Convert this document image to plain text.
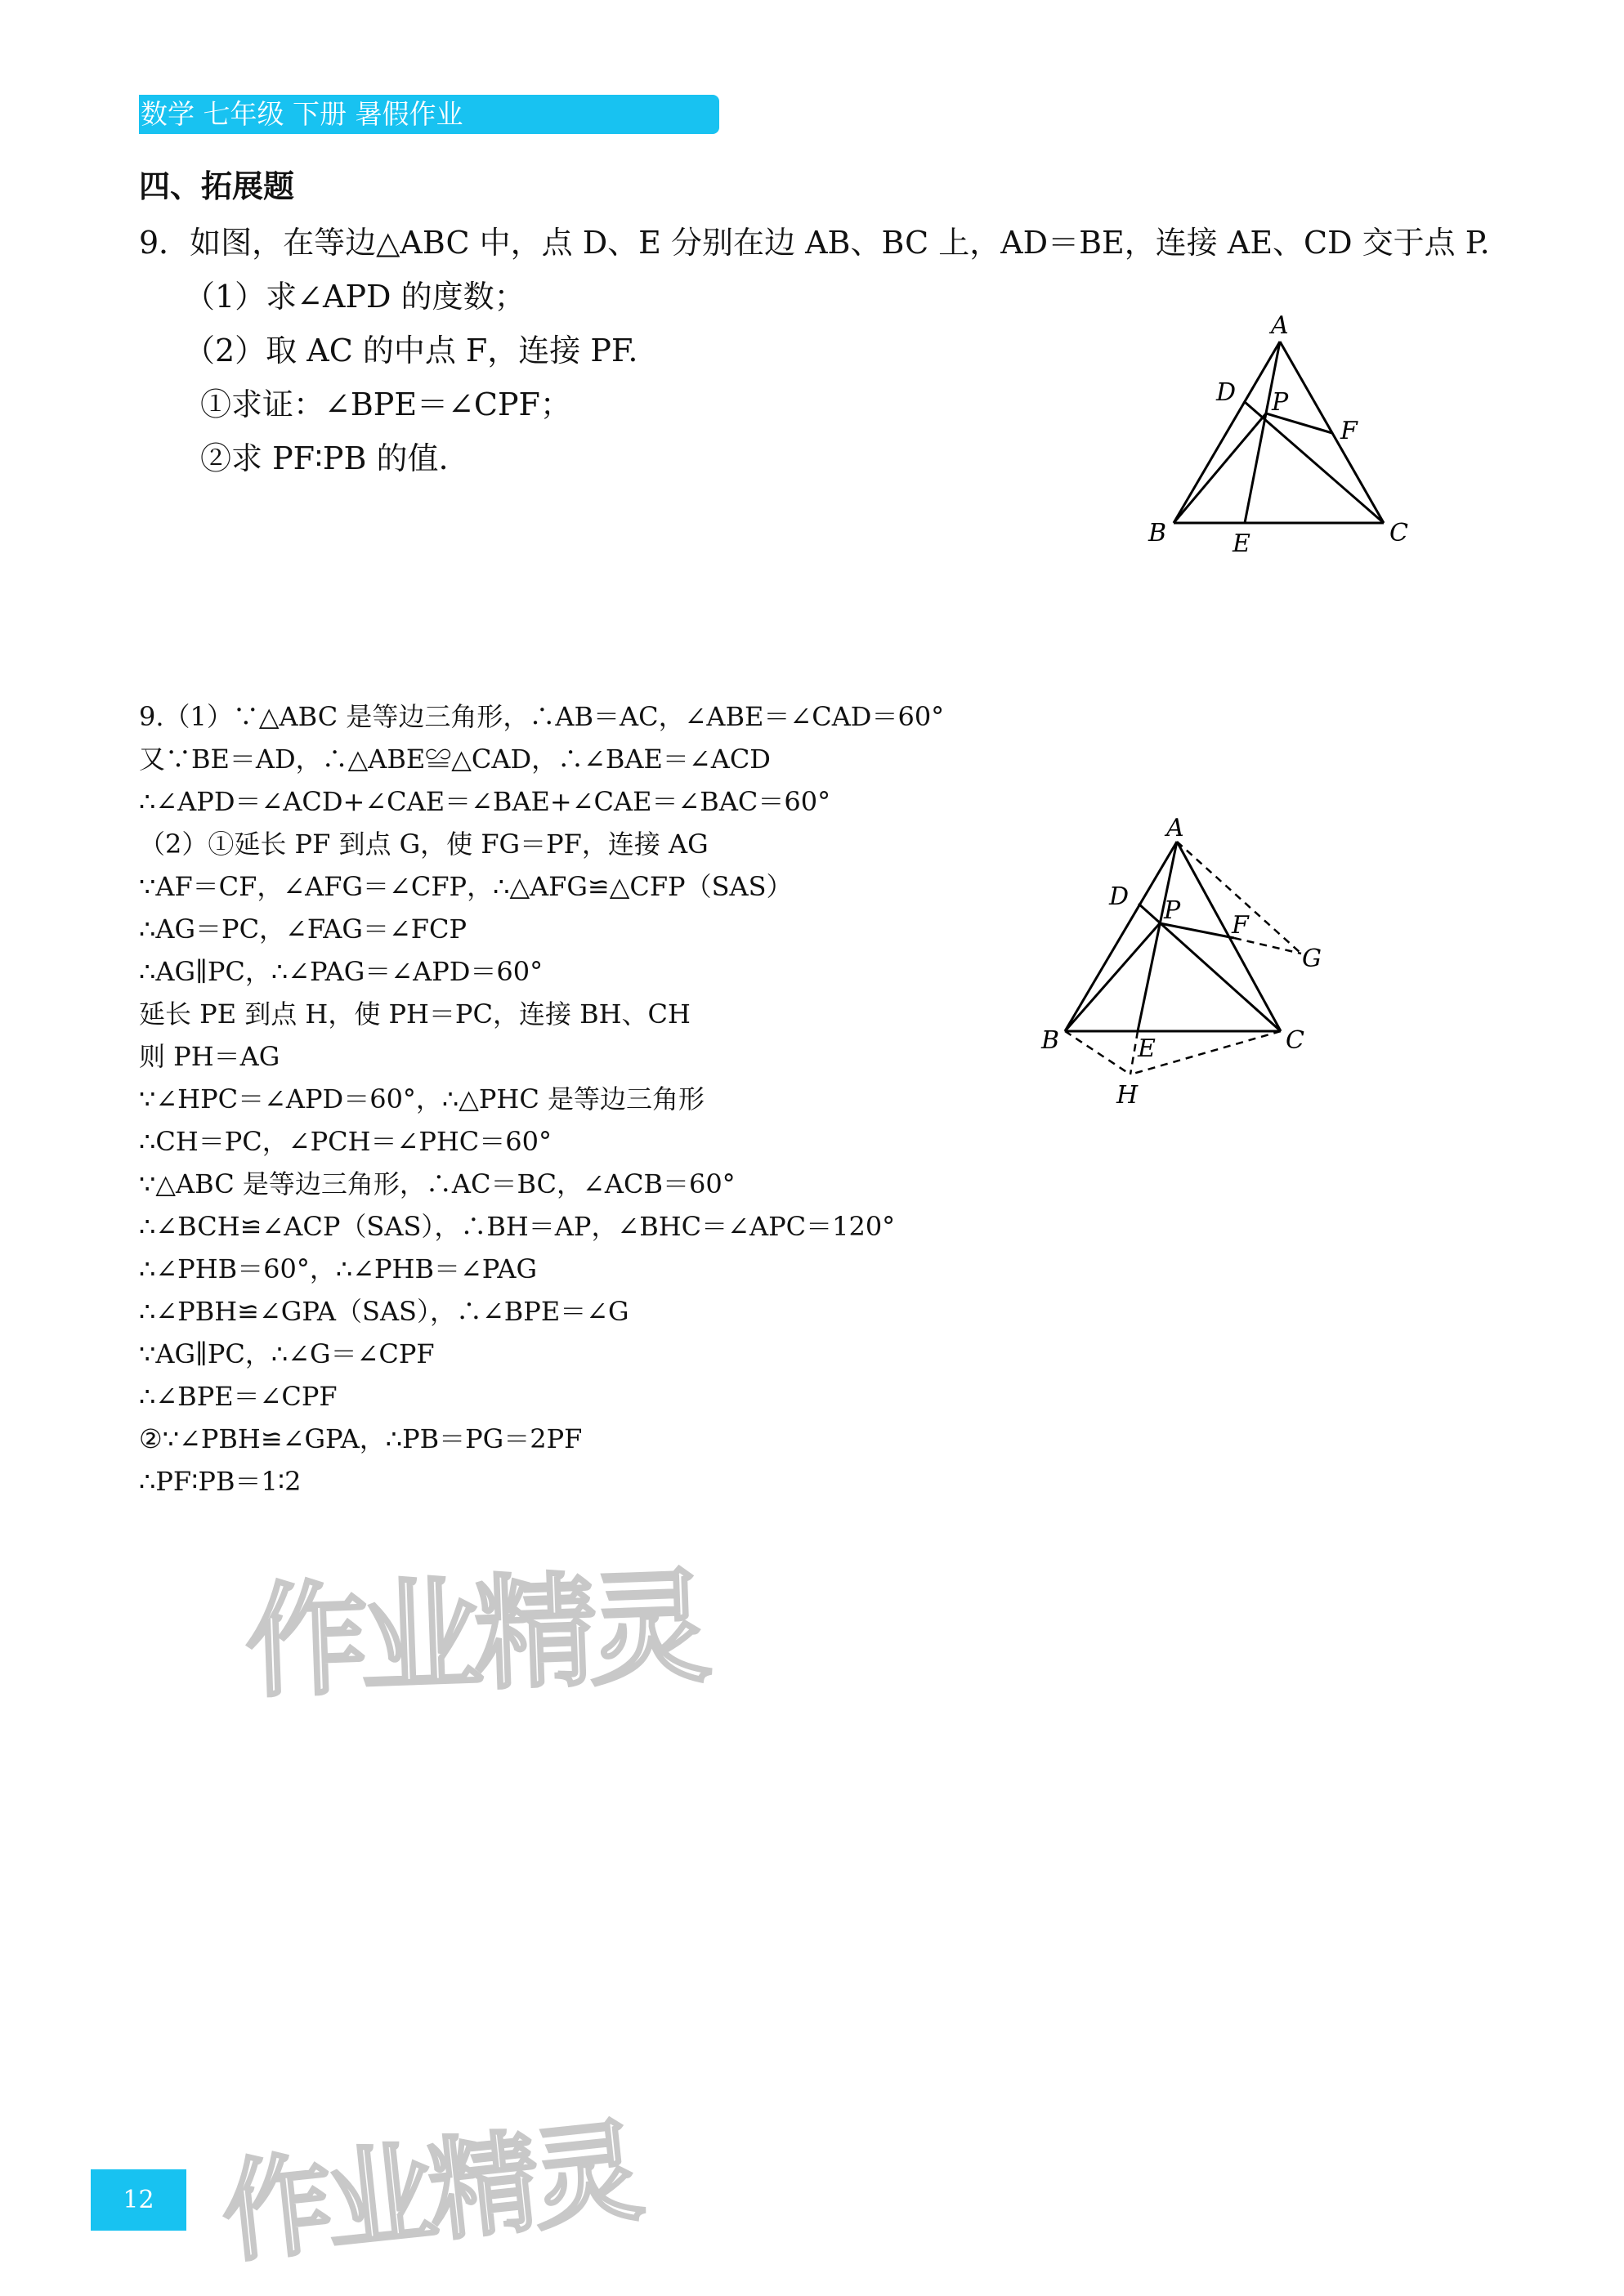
数学 七年级 下册 暑假作业
四、拓展题
9．如图，在等边△ABC 中，点 D、E 分别在边 AB、BC 上，AD＝BE，连接 AE、CD 交于点 P.
（1）求∠APD 的度数；
（2）取 AC 的中点 F，连接 PF.
①求证：∠BPE＝∠CPF；
②求 PF∶PB 的值.
A
D P
F
B	E	C
9.（1）∵△ABC 是等边三角形，∴AB＝AC，∠ABE＝∠CAD＝60°
又∵BE＝AD，∴△ABE≌△CAD，∴∠BAE＝∠ACD
∴∠APD＝∠ACD+∠CAE＝∠BAE+∠CAE＝∠BAC＝60°
（2）①延长 PF 到点 G，使 FG＝PF，连接 AG
∵AF＝CF，∠AFG＝∠CFP，∴△AFG≌△CFP（SAS）
∴AG＝PC，∠FAG＝∠FCP
∴AG∥PC，∴∠PAG＝∠APD＝60°
延长 PE 到点 H，使 PH＝PC，连接 BH、CH
则 PH＝AG
∵∠HPC＝∠APD＝60°，∴△PHC 是等边三角形
∴CH＝PC，∠PCH＝∠PHC＝60°
∵△ABC 是等边三角形，∴AC＝BC，∠ACB＝60°
∴∠BCH≌∠ACP（SAS），∴BH＝AP，∠BHC＝∠APC＝120°
∴∠PHB＝60°，∴∠PHB＝∠PAG
∴∠PBH≌∠GPA（SAS），∴∠BPE＝∠G
∵AG∥PC，∴∠G＝∠CPF
∴∠BPE＝∠CPF
②∵∠PBH≌∠GPA，∴PB＝PG＝2PF
∴PF∶PB＝1∶2
A
D P
F
G
B	E	C
H
作业精灵
作业精灵
12
